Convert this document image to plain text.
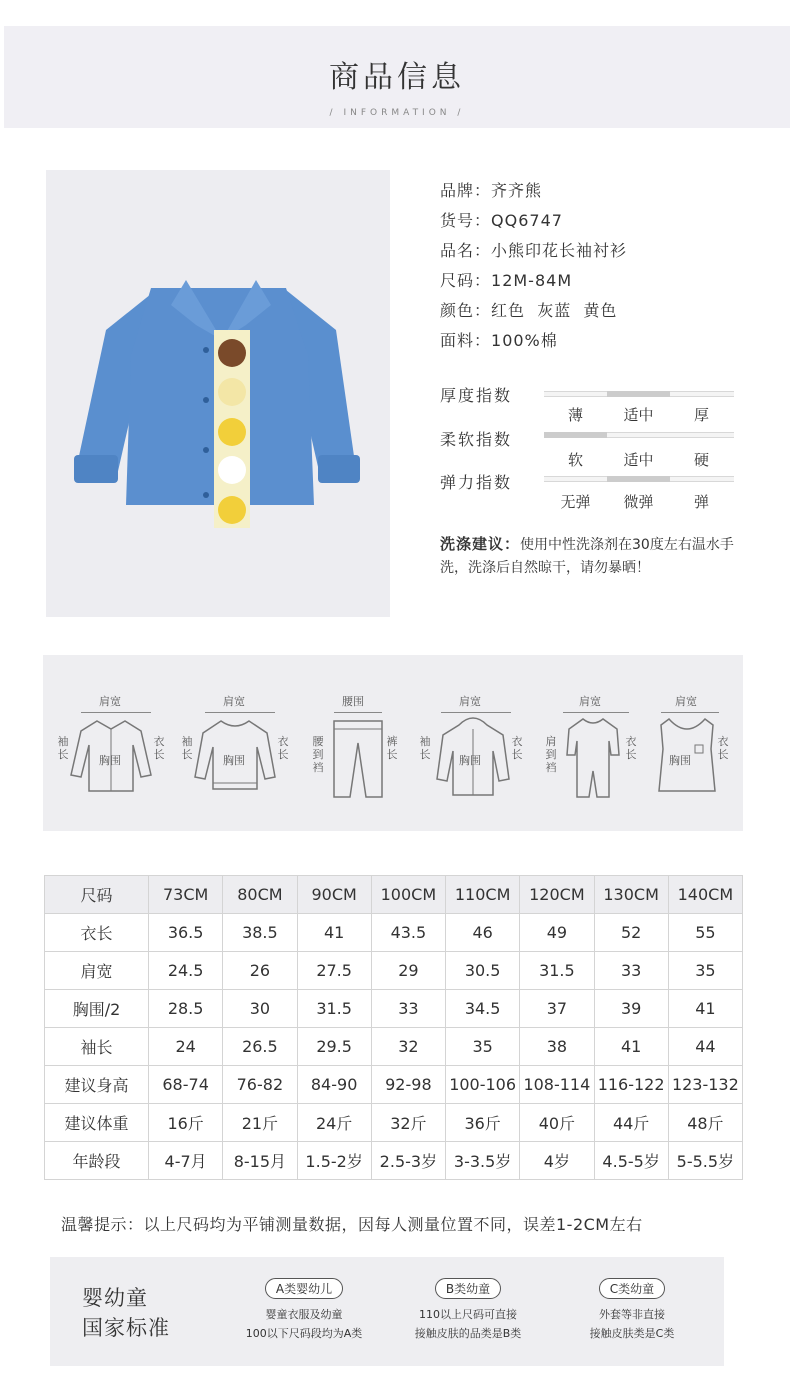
商品信息
/ INFORMATION /
品牌：齐齐熊
货号：QQ6747
品名：小熊印花长袖衬衫
尺码：12M-84M
颜色：红色  灰蓝  黄色
面料：100%棉
厚度指数
薄	适中	厚
柔软指数
软	适中	硬
弹力指数
无弹	微弹	弹
洗涤建议：使用中性洗涤剂在30度左右温水手洗，洗涤后自然晾干，请勿暴晒！
肩宽
袖长
衣长
胸围
肩宽
袖长
衣长
胸围
腰围
腰到裆
裤长
肩宽
袖长
衣长
胸围
肩宽
肩到裆
衣长
肩宽
衣长
胸围
尺码	73CM	80CM	90CM	100CM	110CM	120CM	130CM	140CM
衣长	36.5	38.5	41	43.5	46	49	52	55
肩宽	24.5	26	27.5	29	30.5	31.5	33	35
胸围/2	28.5	30	31.5	33	34.5	37	39	41
袖长	24	26.5	29.5	32	35	38	41	44
建议身高	68-74	76-82	84-90	92-98	100-106	108-114	116-122	123-132
建议体重	16斤	21斤	24斤	32斤	36斤	40斤	44斤	48斤
年龄段	4-7月	8-15月	1.5-2岁	2.5-3岁	3-3.5岁	4岁	4.5-5岁	5-5.5岁
温馨提示：以上尺码均为平铺测量数据，因每人测量位置不同，误差1-2CM左右
婴幼童
国家标准
A类婴幼儿
婴童衣服及幼童
100以下尺码段均为A类
B类幼童
110以上尺码可直接
接触皮肤的品类是B类
C类幼童
外套等非直接
接触皮肤类是C类
